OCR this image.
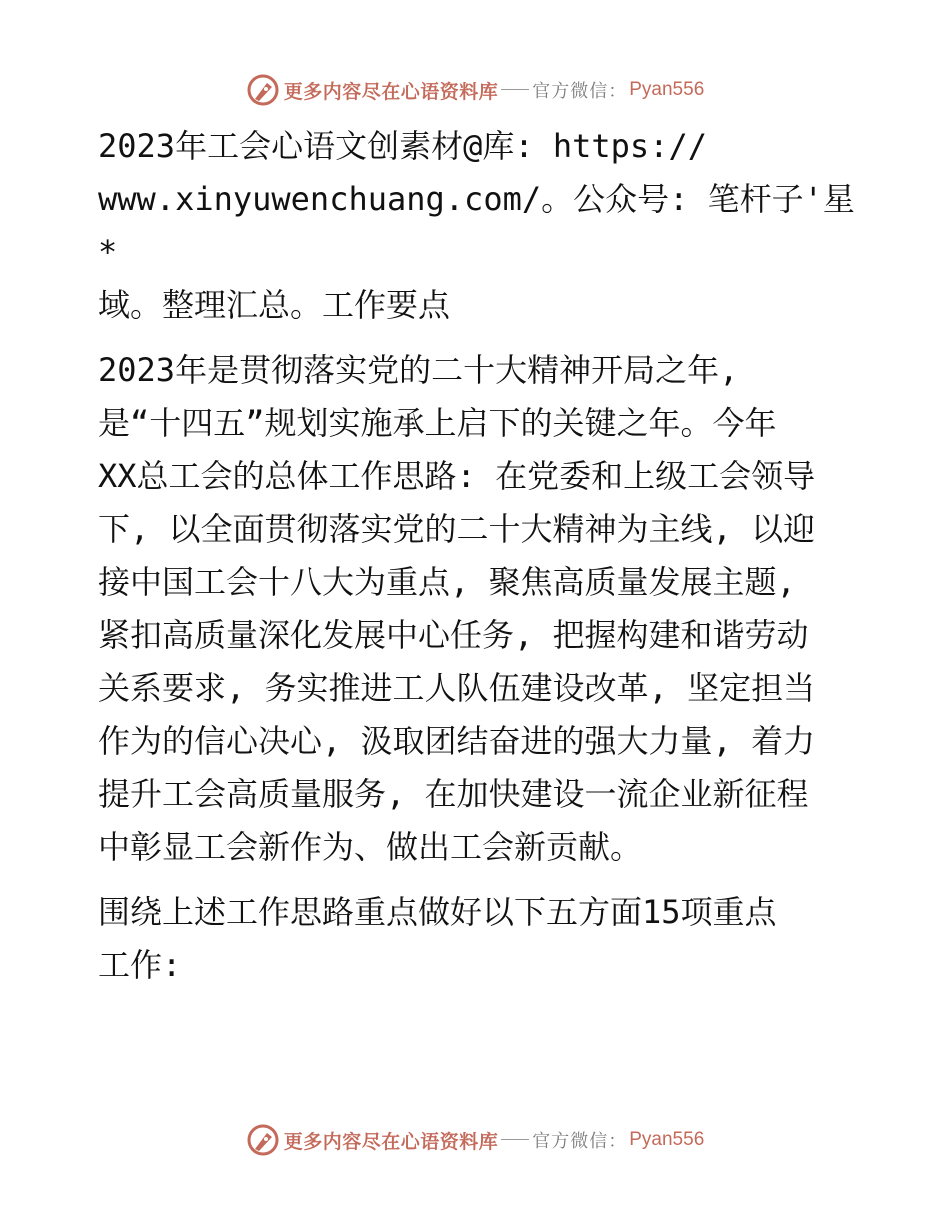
更多内容尽在心语资料库 官方微信： Pyan556

2023年工会心语文创素材@库: https://
www.xinyuwenchuang.com/。公众号: 笔杆子'星*
域。整理汇总。工作要点

2023年是贯彻落实党的二十大精神开局之年,
是“十四五”规划实施承上启下的关键之年。今年
XX总工会的总体工作思路: 在党委和上级工会领导
下, 以全面贯彻落实党的二十大精神为主线, 以迎
接中国工会十八大为重点, 聚焦高质量发展主题,
紧扣高质量深化发展中心任务, 把握构建和谐劳动
关系要求, 务实推进工人队伍建设改革, 坚定担当
作为的信心决心, 汲取团结奋进的强大力量, 着力
提升工会高质量服务, 在加快建设一流企业新征程
中彰显工会新作为、做出工会新贡献。

围绕上述工作思路重点做好以下五方面15项重点
工作:

更多内容尽在心语资料库 官方微信： Pyan556
